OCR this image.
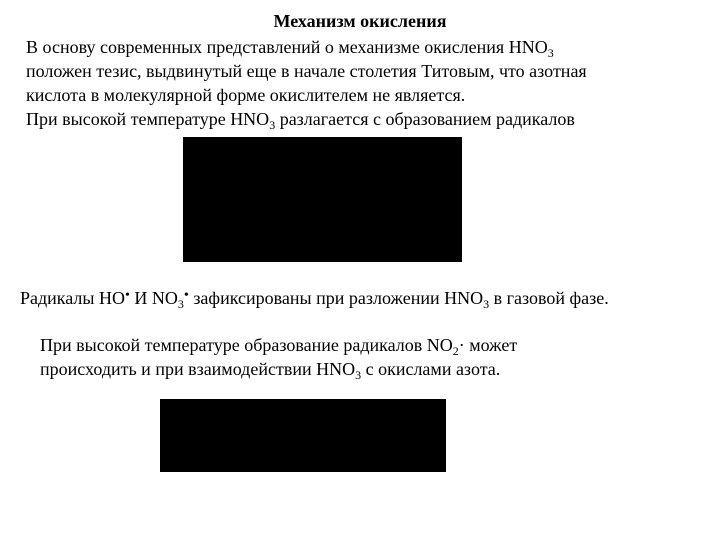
Механизм окисления
В основу современных представлений о механизме окисления $HNO_3$
положен тезис, выдвинутый еще в начале столетия Титовым, что азотная
кислота в молекулярной форме окислителем не является.
При высокой температуре $HNO_3$ разлагается с образованием радикалов
Радикалы HO• И $NO_3^•$ зафиксированы при разложении $HNO_3$ в газовой фазе.
При высокой температуре образование радикалов $NO_2\cdot$ может
происходить и при взаимодействии $HNO_3$ с окислами азота.
